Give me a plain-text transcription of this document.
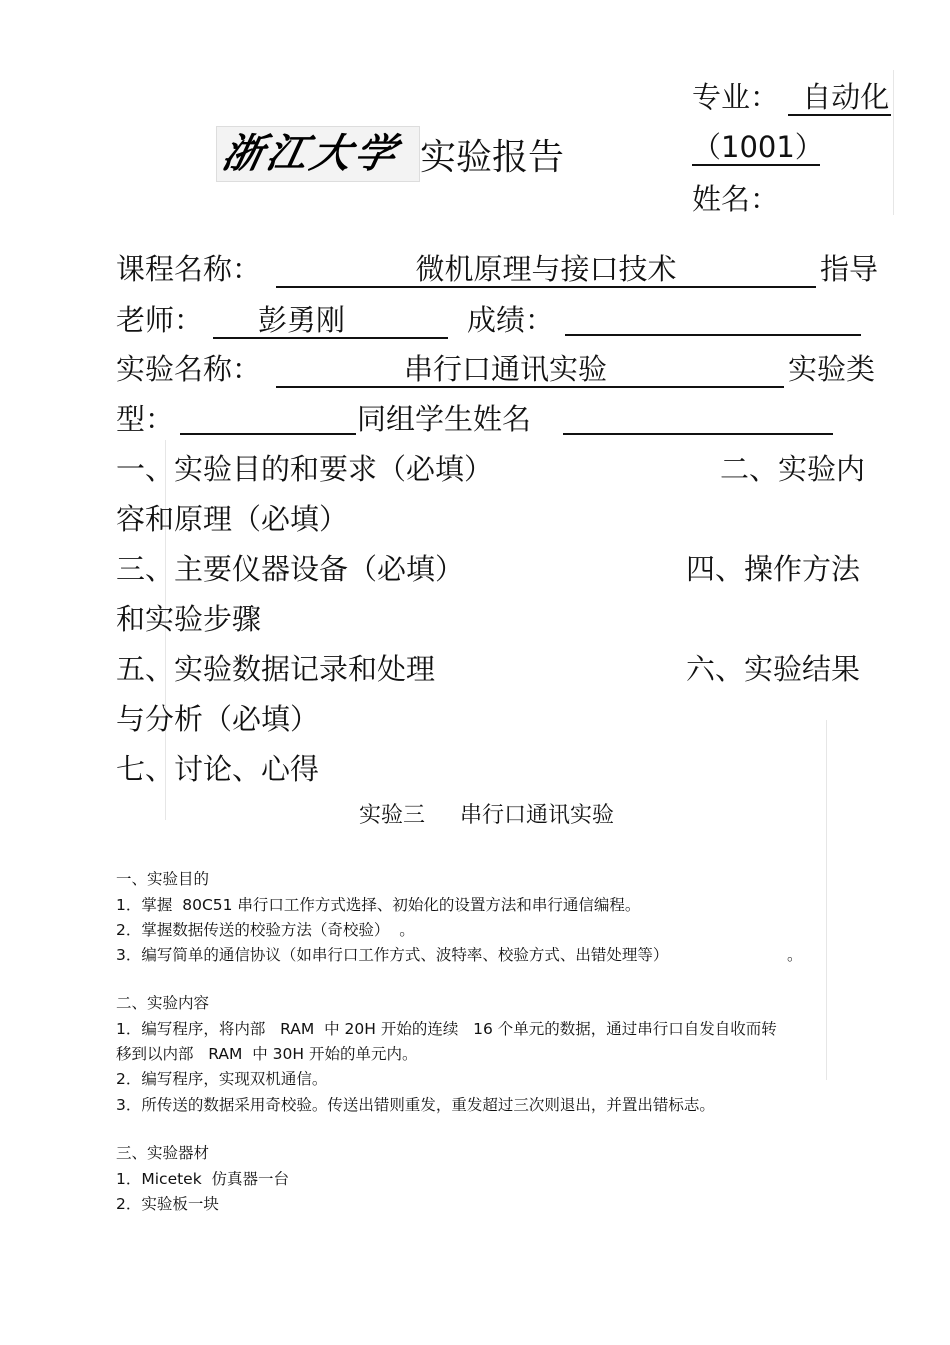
浙江大学 实验报告
专业： 自动化
（1001）
姓名：
课程名称：	微机原理与接口技术	指导
老师：	彭勇刚	成绩：
实验名称：	串行口通讯实验	实验类
型：	同组学生姓名
一、实验目的和要求（必填）	二、实验内
容和原理（必填）
三、主要仪器设备（必填）	四、操作方法
和实验步骤
五、实验数据记录和处理	六、实验结果
与分析（必填）
七、讨论、心得
实验三     串行口通讯实验
一、实验目的
1．掌握  80C51 串行口工作方式选择、初始化的设置方法和串行通信编程。
2．掌握数据传送的校验方法（奇校验）  。
3．编写简单的通信协议（如串行口工作方式、波特率、校验方式、出错处理等）	。
二、实验内容
1．编写程序，将内部   RAM  中 20H 开始的连续   16 个单元的数据，通过串行口自发自收而转
移到以内部   RAM  中 30H 开始的单元内。
2．编写程序，实现双机通信。
3．所传送的数据采用奇校验。传送出错则重发，重发超过三次则退出，并置出错标志。
三、实验器材
1．Micetek  仿真器一台
2．实验板一块
